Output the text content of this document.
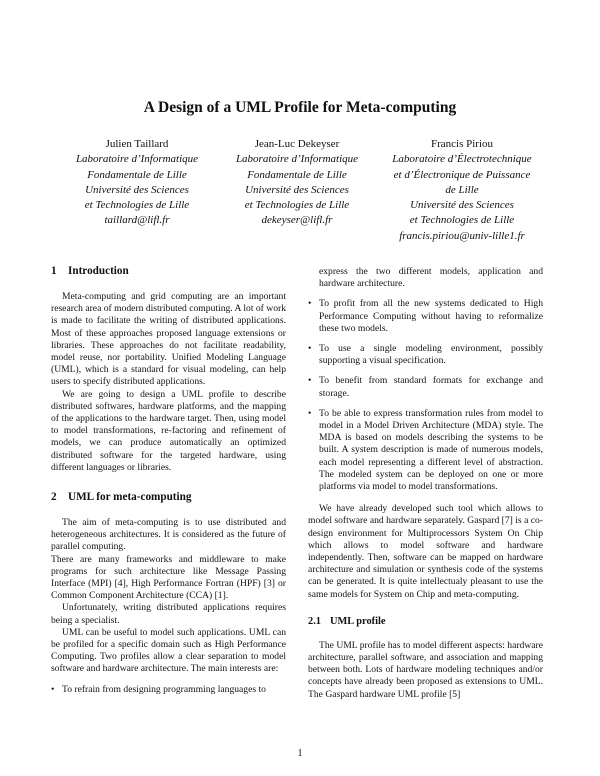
A Design of a UML Profile for Meta-computing
Julien Taillard
Laboratoire d’Informatique
Fondamentale de Lille
Université des Sciences
et Technologies de Lille
taillard@lifl.fr
Jean-Luc Dekeyser
Laboratoire d’Informatique
Fondamentale de Lille
Université des Sciences
et Technologies de Lille
dekeyser@lifl.fr
Francis Piriou
Laboratoire d’Électrotechnique
et d’Électronique de Puissance
de Lille
Université des Sciences
et Technologies de Lille
francis.piriou@univ-lille1.fr
1 Introduction

Meta-computing and grid computing are an important research area of modern distributed computing. A lot of work is made to facilitate the writing of distributed applications. Most of these approaches proposed language extensions or libraries. These approaches do not facilitate readability, model reuse, nor portability. Unified Modeling Language (UML), which is a standard for visual modeling, can help users to specify distributed applications.

We are going to design a UML profile to describe distributed softwares, hardware platforms, and the mapping of the applications to the hardware target. Then, using model to model transformations, re-factoring and refinement of models, we can produce automatically an optimized distributed software for the targeted hardware, using different languages or libraries.

2 UML for meta-computing

The aim of meta-computing is to use distributed and heterogeneous architectures. It is considered as the future of parallel computing.

There are many frameworks and middleware to make programs for such architecture like Message Passing Interface (MPI) [4], High Performance Fortran (HPF) [3] or Common Component Architecture (CCA) [1].

Unfortunately, writing distributed applications requires being a specialist.

UML can be useful to model such applications. UML can be profiled for a specific domain such as High Performance Computing. Two profiles allow a clear separation to model software and hardware architecture. The main interests are:

• To refrain from designing programming languages to

express the two different models, application and hardware architecture.

• To profit from all the new systems dedicated to High Performance Computing without having to reformalize these two models.
• To use a single modeling environment, possibly supporting a visual specification.
• To benefit from standard formats for exchange and storage.
• To be able to express transformation rules from model to model in a Model Driven Architecture (MDA) style. The MDA is based on models describing the systems to be built. A system description is made of numerous models, each model representing a different level of abstraction. The modeled system can be deployed on one or more platforms via model to model transformations.

We have already developed such tool which allows to model software and hardware separately. Gaspard [7] is a co-design environment for Multiprocessors System On Chip which allows to model software and hardware independently. Then, software can be mapped on hardware architecture and simulation or synthesis code of the systems can be generated. It is quite intellectualy pleasant to use the same models for System on Chip and meta-computing.

2.1 UML profile

The UML profile has to model different aspects: hardware architecture, parallel software, and association and mapping between both. Lots of hardware modeling techniques and/or concepts have already been proposed as extensions to UML. The Gaspard hardware UML profile [5]

1
